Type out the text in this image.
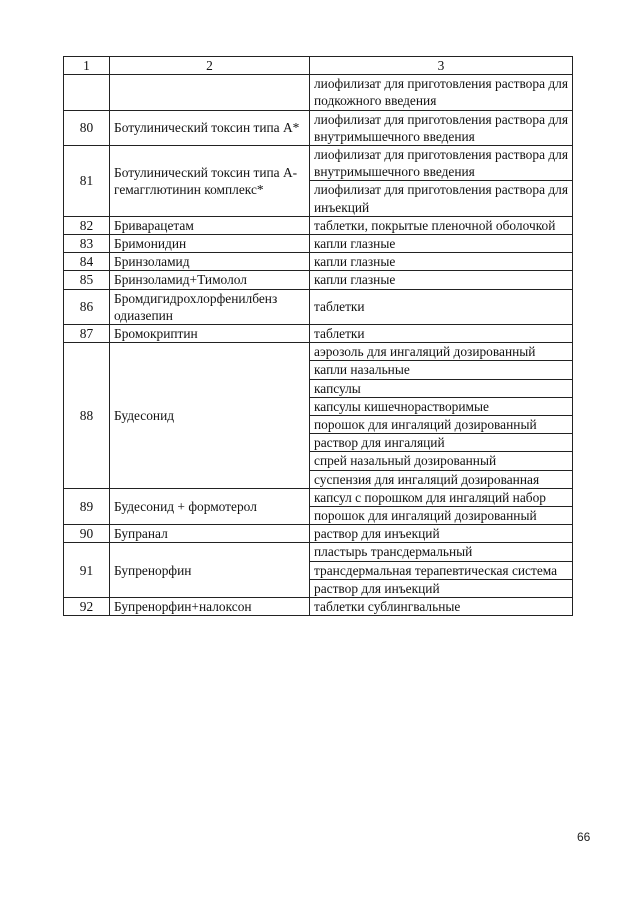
1	2	3
		лиофилизат для приготовления раствора для подкожного введения
80	Ботулинический токсин типа А*	лиофилизат для приготовления раствора для внутримышечного введения
81	Ботулинический токсин типа А-гемагглютинин комплекс*	лиофилизат для приготовления раствора для внутримышечного введения
		лиофилизат для приготовления раствора для инъекций
82	Бриварацетам	таблетки, покрытые пленочной оболочкой
83	Бримонидин	капли глазные
84	Бринзоламид	капли глазные
85	Бринзоламид+Тимолол	капли глазные
86	Бромдигидрохлорфенилбенз одиазепин	таблетки
87	Бромокриптин	таблетки
88	Будесонид	аэрозоль для ингаляций дозированный
		капли назальные
		капсулы
		капсулы кишечнорастворимые
		порошок для ингаляций дозированный
		раствор для ингаляций
		спрей назальный дозированный
		суспензия для ингаляций дозированная
89	Будесонид + формотерол	капсул с порошком для ингаляций набор
		порошок для ингаляций дозированный
90	Бупранал	раствор для инъекций
91	Бупренорфин	пластырь трансдермальный
		трансдермальная терапевтическая система
		раствор для инъекций
92	Бупренорфин+налоксон	таблетки сублингвальные
66
